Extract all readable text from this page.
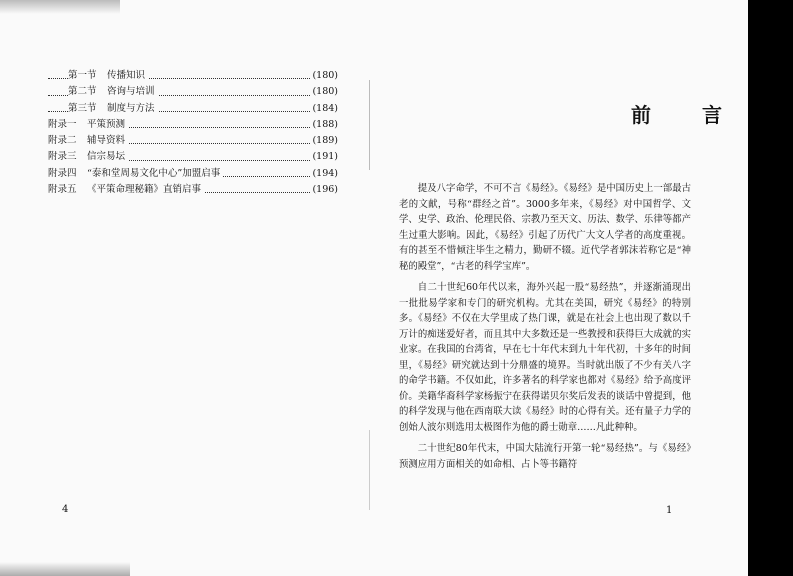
第一节 传播知识	(180)
第二节 咨询与培训	(180)
第三节 制度与方法	(184)
附录一 平策预测	(188)
附录二 辅导资料	(189)
附录三 信宗易坛	(191)
附录四 “泰和堂周易文化中心”加盟启事	(194)
附录五 《平策命理秘籍》直销启事	(196)
4
前 言

提及八字命学，不可不言《易经》。《易经》是中国历史上一部最古老的文献，号称“群经之首”。3000多年来，《易经》对中国哲学、文学、史学、政治、伦理民俗、宗教乃至天文、历法、数学、乐律等都产生过重大影响。因此，《易经》引起了历代广大文人学者的高度重视。有的甚至不惜倾注毕生之精力，勤研不辍。近代学者郭沫若称它是“神秘的殿堂”，“古老的科学宝库”。

自二十世纪60年代以来，海外兴起一股“易经热”，并逐渐涌现出一批批易学家和专门的研究机构。尤其在美国，研究《易经》的特别多。《易经》不仅在大学里成了热门课，就是在社会上也出现了数以千万计的痴迷爱好者，而且其中大多数还是一些教授和获得巨大成就的实业家。在我国的台湾省，早在七十年代末到九十年代初，十多年的时间里，《易经》研究就达到十分鼎盛的境界。当时就出版了不少有关八字的命学书籍。不仅如此，许多著名的科学家也都对《易经》给予高度评价。美籍华裔科学家杨振宁在获得诺贝尔奖后发表的谈话中曾提到，他的科学发现与他在西南联大读《易经》时的心得有关。还有量子力学的创始人波尔则选用太极图作为他的爵士勋章……凡此种种。

二十世纪80年代末，中国大陆流行开第一轮“易经热”。与《易经》预测应用方面相关的如命相、占卜等书籍符

1
